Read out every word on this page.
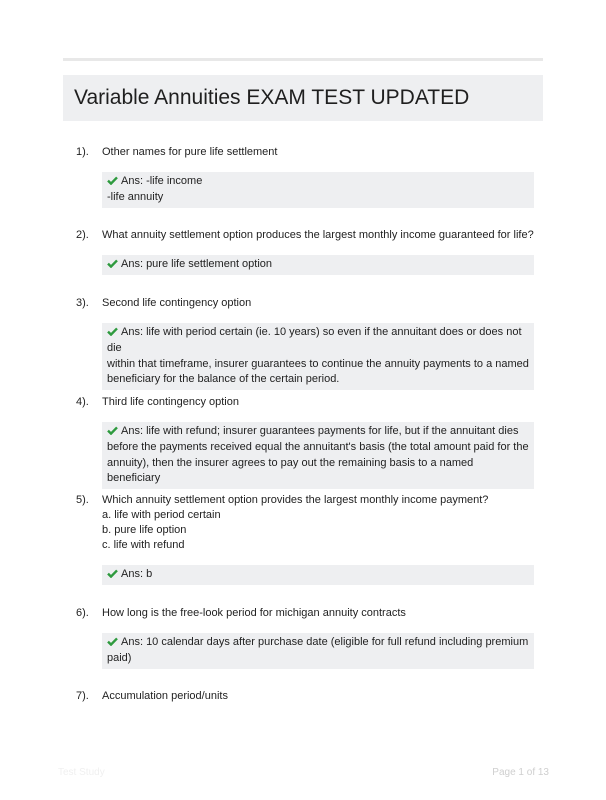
Variable Annuities EXAM TEST UPDATED
1).	Other names for pure life settlement
Ans: -life income
-life annuity
2).	What annuity settlement option produces the largest monthly income guaranteed for life?
Ans: pure life settlement option
3).	Second life contingency option
Ans: life with period certain (ie. 10 years) so even if the annuitant does or does not die
within that timeframe, insurer guarantees to continue the annuity payments to a named
beneficiary for the balance of the certain period.
4).	Third life contingency option
Ans: life with refund; insurer guarantees payments for life, but if the annuitant dies
before the payments received equal the annuitant's basis (the total amount paid for the
annuity), then the insurer agrees to pay out the remaining basis to a named beneficiary
5).	Which annuity settlement option provides the largest monthly income payment?
a. life with period certain
b. pure life option
c. life with refund
Ans: b
6).	How long is the free-look period for michigan annuity contracts
Ans: 10 calendar days after purchase date (eligible for full refund including premium
paid)
7).	Accumulation period/units
Test Study	Page 1 of 13
